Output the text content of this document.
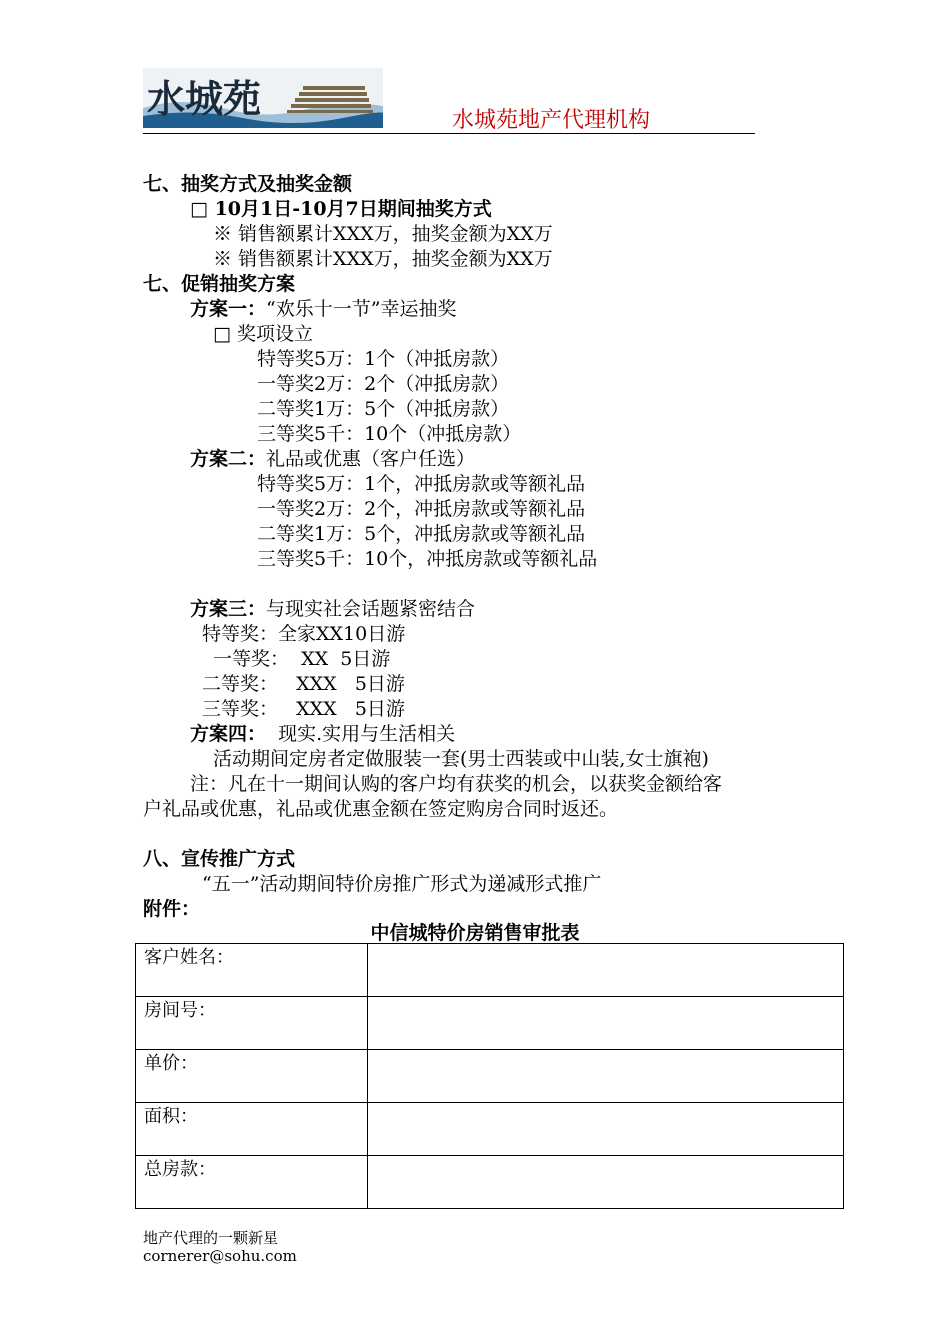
水城苑	水城苑地产代理机构
七、抽奖方式及抽奖金额
□ 10月1日-10月7日期间抽奖方式
※ 销售额累计XXX万，抽奖金额为XX万
※ 销售额累计XXX万，抽奖金额为XX万
七、促销抽奖方案
方案一：“欢乐十一节”幸运抽奖
□ 奖项设立
特等奖5万：1个（冲抵房款）
一等奖2万：2个（冲抵房款）
二等奖1万：5个（冲抵房款）
三等奖5千：10个（冲抵房款）
方案二：礼品或优惠（客户任选）
特等奖5万：1个，冲抵房款或等额礼品
一等奖2万：2个，冲抵房款或等额礼品
二等奖1万：5个，冲抵房款或等额礼品
三等奖5千：10个，冲抵房款或等额礼品
方案三：与现实社会话题紧密结合
特等奖：全家XX10日游
一等奖：  XX  5日游
二等奖：   XXX   5日游
三等奖：   XXX   5日游
方案四：  现实.实用与生活相关
活动期间定房者定做服装一套(男士西装或中山装,女士旗袍)
注：凡在十一期间认购的客户均有获奖的机会，以获奖金额给客
户礼品或优惠，礼品或优惠金额在签定购房合同时返还。
八、宣传推广方式
“五一”活动期间特价房推广形式为递减形式推广
附件：
中信城特价房销售审批表
客户姓名：	
房间号：	
单价：	
面积：	
总房款：	
地产代理的一颗新星
cornerer@sohu.com
